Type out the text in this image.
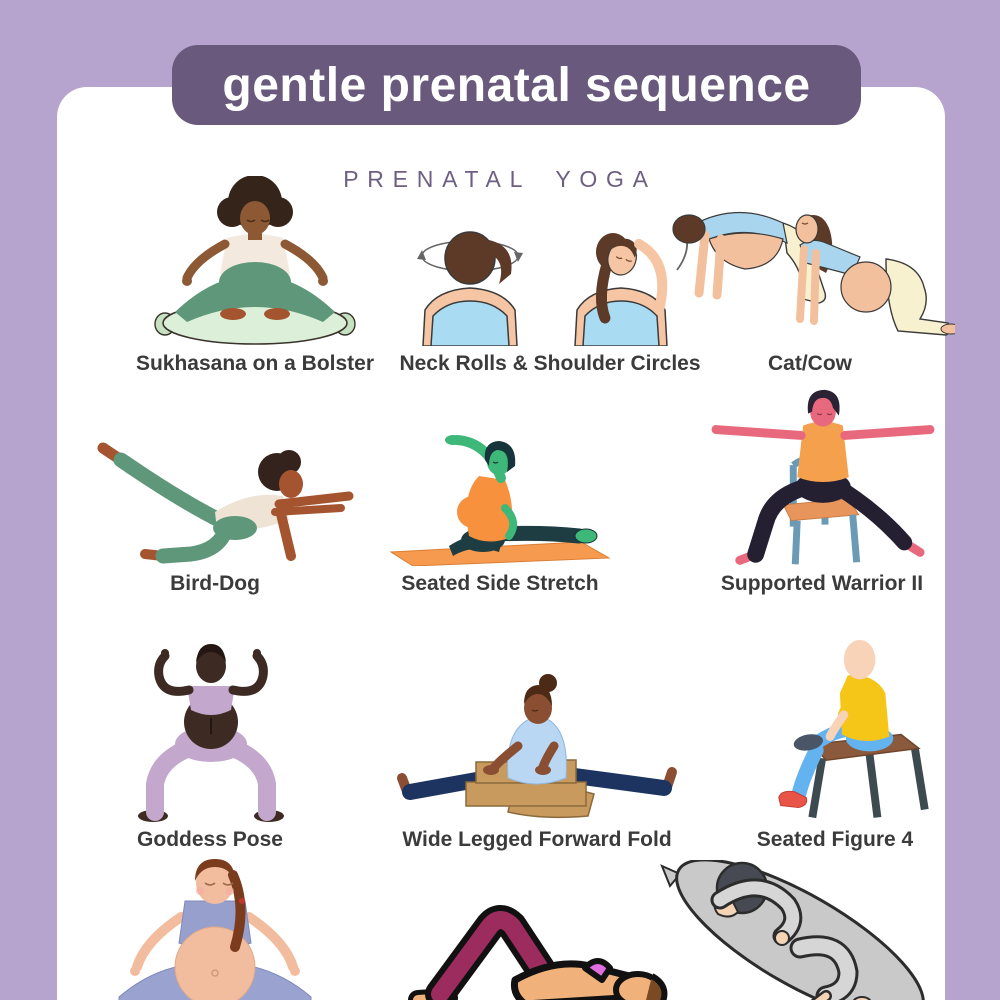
gentle prenatal sequence
PRENATAL YOGA
Sukhasana on a Bolster Neck Rolls & Shoulder Circles	Cat/Cow
Bird-Dog	Seated Side Stretch	Supported Warrior II
Goddess Pose	Wide Legged Forward Fold	Seated Figure 4
